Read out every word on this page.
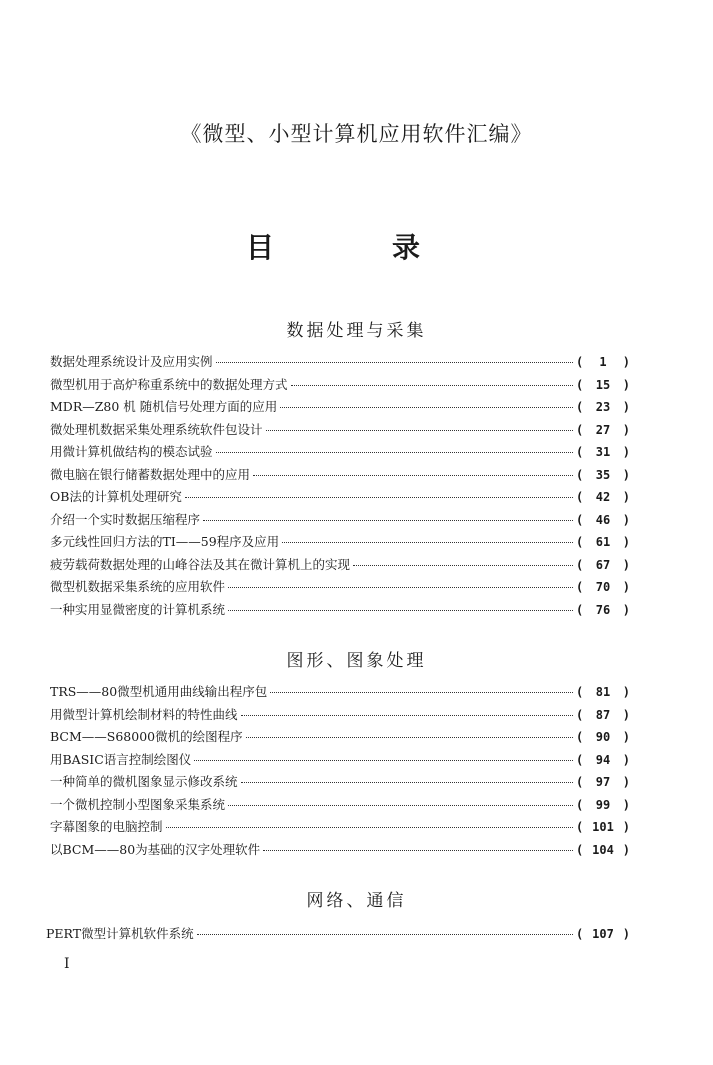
《微型、小型计算机应用软件汇编》
目	录
数据处理与采集
数据处理系统设计及应用实例	(	1	)
微型机用于高炉称重系统中的数据处理方式	(	15	)
MDR—Z80 机 随机信号处理方面的应用	(	23	)
微处理机数据采集处理系统软件包设计	(	27	)
用微计算机做结构的模态试验	(	31	)
微电脑在银行储蓄数据处理中的应用	(	35	)
OB法的计算机处理研究	(	42	)
介绍一个实时数据压缩程序	(	46	)
多元线性回归方法的TI——59程序及应用	(	61	)
疲劳载荷数据处理的山峰谷法及其在微计算机上的实现	(	67	)
微型机数据采集系统的应用软件	(	70	)
一种实用显微密度的计算机系统	(	76	)
图形、图象处理
TRS——80微型机通用曲线输出程序包	(	81	)
用微型计算机绘制材料的特性曲线	(	87	)
BCM——S68000微机的绘图程序	(	90	)
用BASIC语言控制绘图仪	(	94	)
一种简单的微机图象显示修改系统	(	97	)
一个微机控制小型图象采集系统	(	99	)
字幕图象的电脑控制	( 101 )
以BCM——80为基础的汉字处理软件	( 104 )
网络、通信
PERT微型计算机软件系统	( 107 )
I
